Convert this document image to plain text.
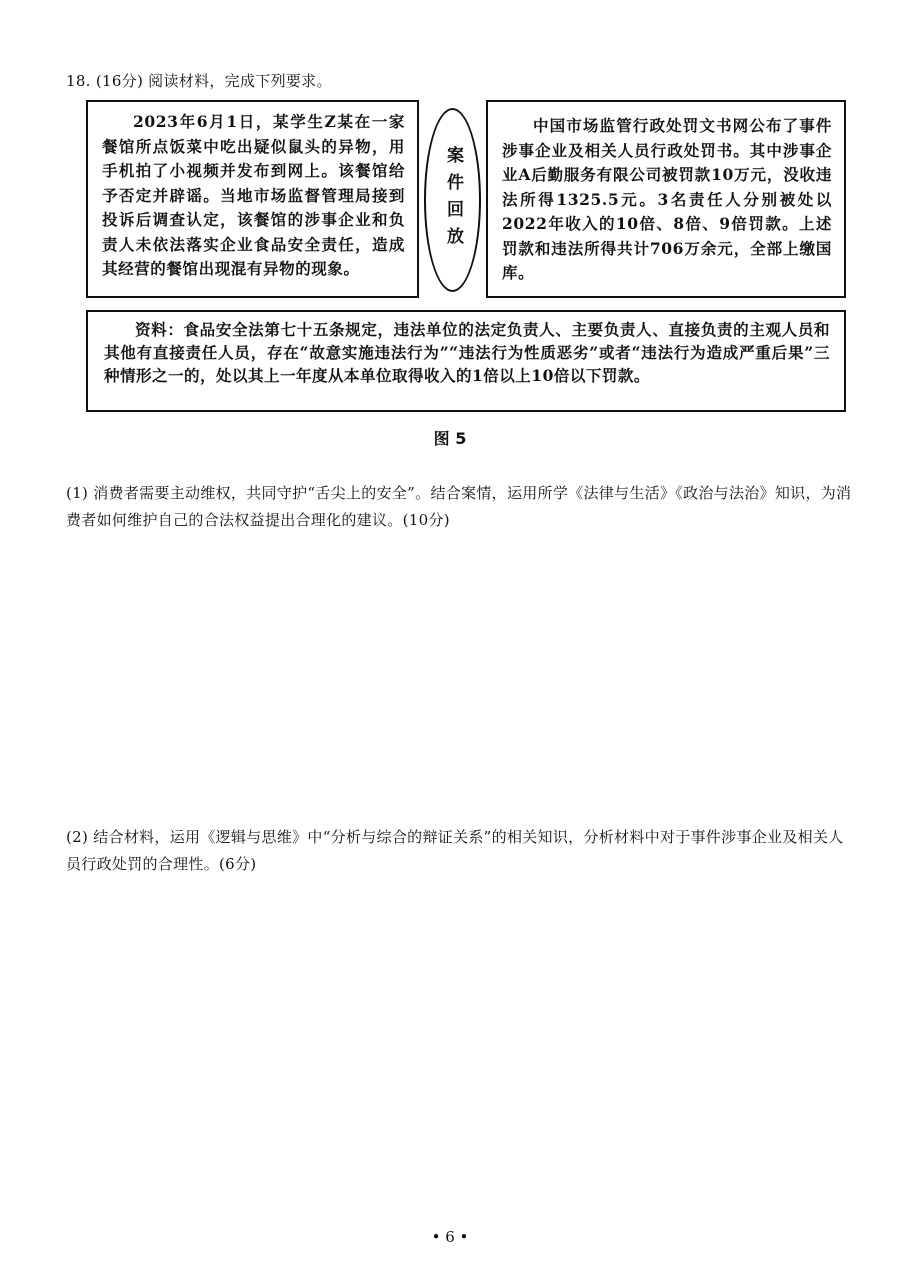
18. (16分) 阅读材料，完成下列要求。

2023年6月1日，某学生Z某在一家餐馆所点饭菜中吃出疑似鼠头的异物，用手机拍了小视频并发布到网上。该餐馆给予否定并辟谣。当地市场监督管理局接到投诉后调查认定，该餐馆的涉事企业和负责人未依法落实企业食品安全责任，造成其经营的餐馆出现混有异物的现象。

案件回放

中国市场监管行政处罚文书网公布了事件涉事企业及相关人员行政处罚书。其中涉事企业A后勤服务有限公司被罚款10万元，没收违法所得1325.5元。3名责任人分别被处以2022年收入的10倍、8倍、9倍罚款。上述罚款和违法所得共计706万余元，全部上缴国库。

资料：食品安全法第七十五条规定，违法单位的法定负责人、主要负责人、直接负责的主观人员和其他有直接责任人员，存在“故意实施违法行为”“违法行为性质恶劣”或者“违法行为造成严重后果”三种情形之一的，处以其上一年度从本单位取得收入的1倍以上10倍以下罚款。

图 5
(1) 消费者需要主动维权，共同守护“舌尖上的安全”。结合案情，运用所学《法律与生活》《政治与法治》知识，为消费者如何维护自己的合法权益提出合理化的建议。(10分)
(2) 结合材料，运用《逻辑与思维》中“分析与综合的辩证关系”的相关知识，分析材料中对于事件涉事企业及相关人员行政处罚的合理性。(6分)
• 6 •
